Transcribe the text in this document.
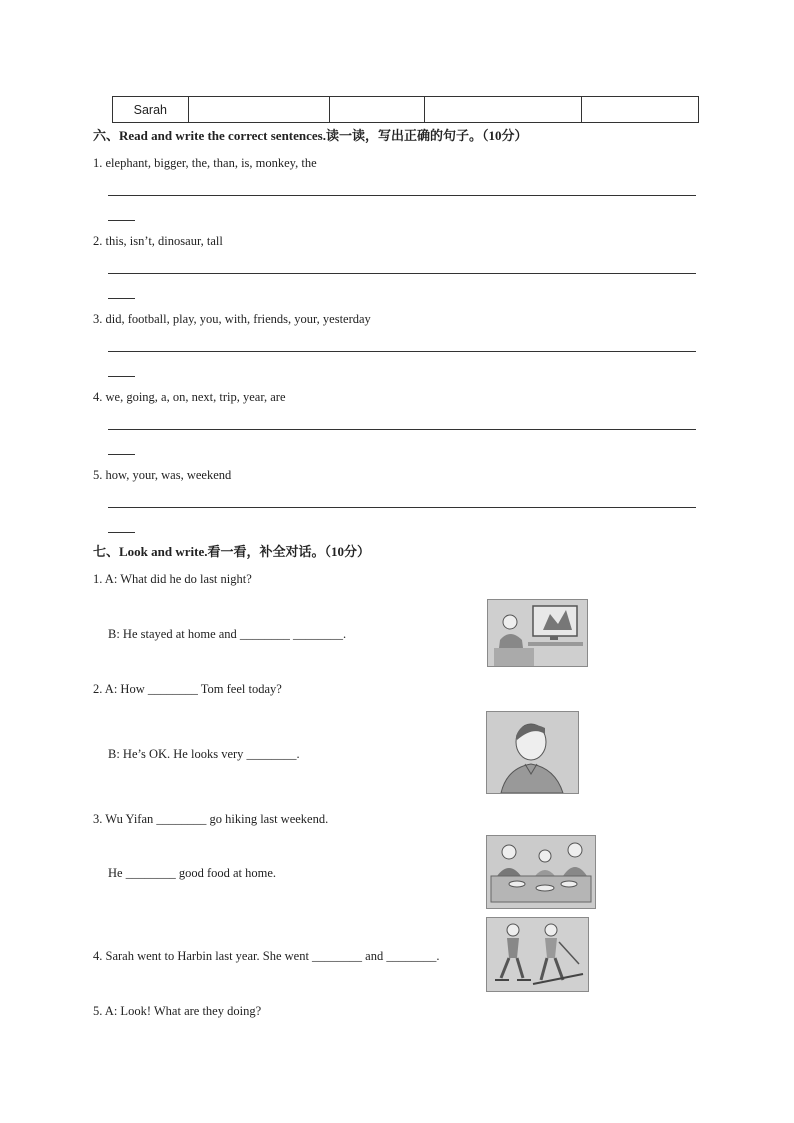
Sarah				
六、Read and write the correct sentences.读一读，写出正确的句子。（10分）
1. elephant, bigger, the, than, is, monkey, the
2. this, isn’t, dinosaur, tall
3. did, football, play, you, with, friends, your, yesterday
4. we, going, a, on, next, trip, year, are
5. how, your, was, weekend
七、Look and write.看一看，补全对话。（10分）
1. A: What did he do last night?
B: He stayed at home and ________ ________.
2. A: How ________ Tom feel today?
B: He’s OK. He looks very ________.
3. Wu Yifan ________ go hiking last weekend.
He ________ good food at home.
4. Sarah went to Harbin last year. She went ________ and ________.
5. A: Look! What are they doing?
